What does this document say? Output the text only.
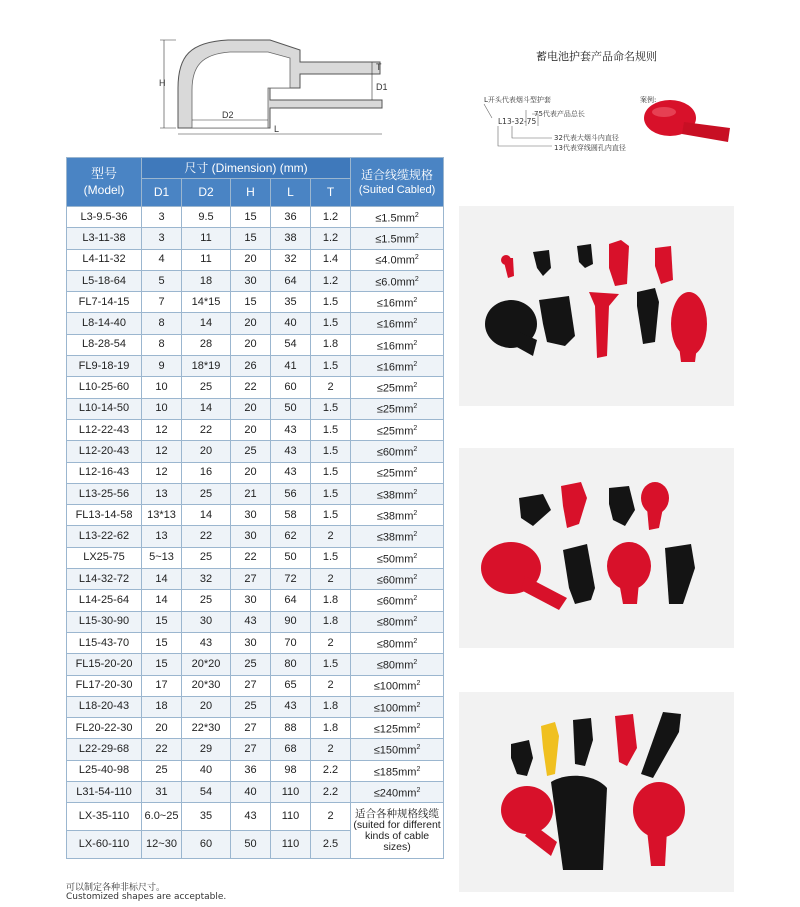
H
D2
L
T
D1
蓄电池护套产品命名规则
L开头代表烟斗型护套
75代表产品总长
L13-32-75
32代表大烟斗内直径
13代表穿线圆孔内直径
案例:
型号
(Model)	尺寸 (Dimension) (mm)					适合线缆规格
(Suited Cabled)
	D1	D2	H	L	T	
L3-9.5-36	3	9.5	15	36	1.2	$\le 1.5mm^2$
L3-11-38	3	11	15	38	1.2	$\le 1.5mm^2$
L4-11-32	4	11	20	32	1.4	$\le 4.0mm^2$
L5-18-64	5	18	30	64	1.2	$\le 6.0mm^2$
FL7-14-15	7	14*15	15	35	1.5	$\le 16mm^2$
L8-14-40	8	14	20	40	1.5	$\le 16mm^2$
L8-28-54	8	28	20	54	1.8	$\le 16mm^2$
FL9-18-19	9	18*19	26	41	1.5	$\le 16mm^2$
L10-25-60	10	25	22	60	2	$\le 25mm^2$
L10-14-50	10	14	20	50	1.5	$\le 25mm^2$
L12-22-43	12	22	20	43	1.5	$\le 25mm^2$
L12-20-43	12	20	25	43	1.5	$\le 60mm^2$
L12-16-43	12	16	20	43	1.5	$\le 25mm^2$
L13-25-56	13	25	21	56	1.5	$\le 38mm^2$
FL13-14-58	13*13	14	30	58	1.5	$\le 38mm^2$
L13-22-62	13	22	30	62	2	$\le 38mm^2$
LX25-75	5~13	25	22	50	1.5	$\le 50mm^2$
L14-32-72	14	32	27	72	2	$\le 60mm^2$
L14-25-64	14	25	30	64	1.8	$\le 60mm^2$
L15-30-90	15	30	43	90	1.8	$\le 80mm^2$
L15-43-70	15	43	30	70	2	$\le 80mm^2$
FL15-20-20	15	20*20	25	80	1.5	$\le 80mm^2$
FL17-20-30	17	20*30	27	65	2	$\le 100mm^2$
L18-20-43	18	20	25	43	1.8	$\le 100mm^2$
FL20-22-30	20	22*30	27	88	1.8	$\le 125mm^2$
L22-29-68	22	29	27	68	2	$\le 150mm^2$
L25-40-98	25	40	36	98	2.2	$\le 185mm^2$
L31-54-110	31	54	40	110	2.2	$\le 240mm^2$
LX-35-110	6.0~25	35	43	110	2	适合各种规格线缆(suited for different kinds of cable sizes)
LX-60-110	12~30	60	50	110	2.5	
可以制定各种非标尺寸。
Customized shapes are acceptable.
